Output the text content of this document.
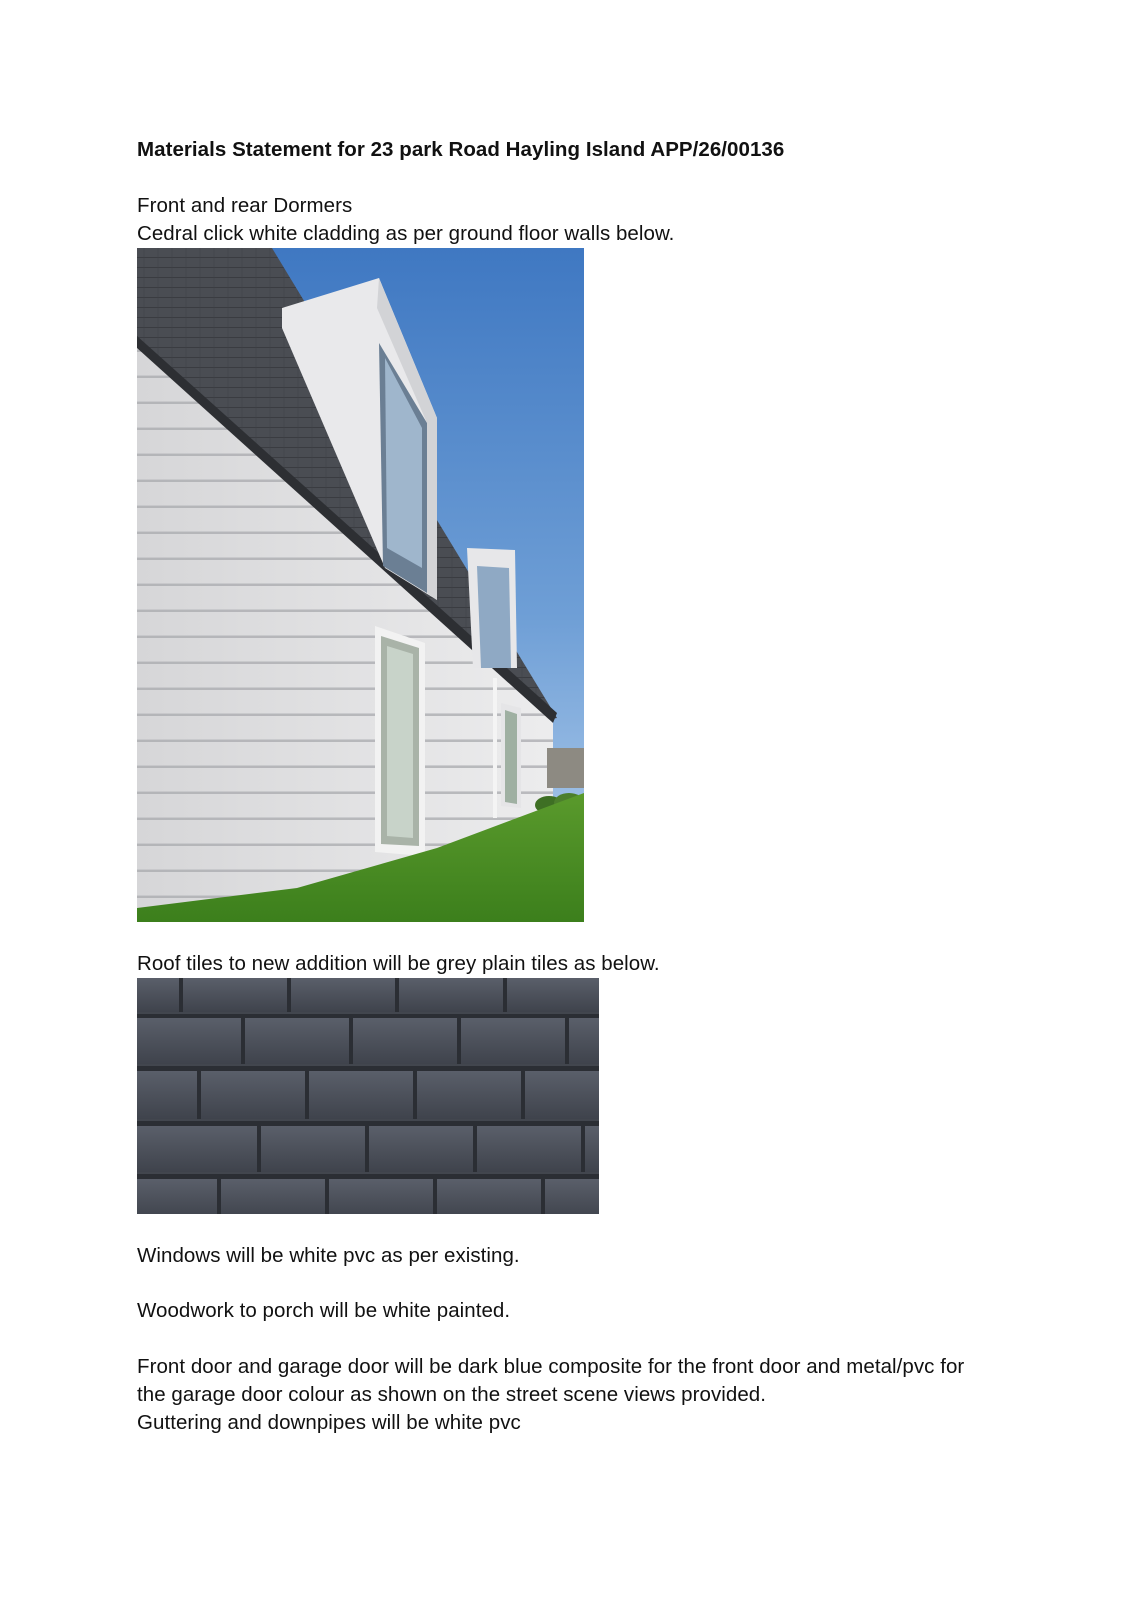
Materials Statement for 23 park Road Hayling Island APP/26/00136
Front and rear Dormers
Cedral click white cladding as per ground floor walls below.
Roof tiles to new addition will be grey plain tiles as below.
Windows will be white pvc as per existing.
Woodwork to porch will be white painted.
Front door and garage door will be dark blue composite for the front door and metal/pvc for
the garage door colour as shown on the street scene views provided.
Guttering and downpipes will be white pvc
